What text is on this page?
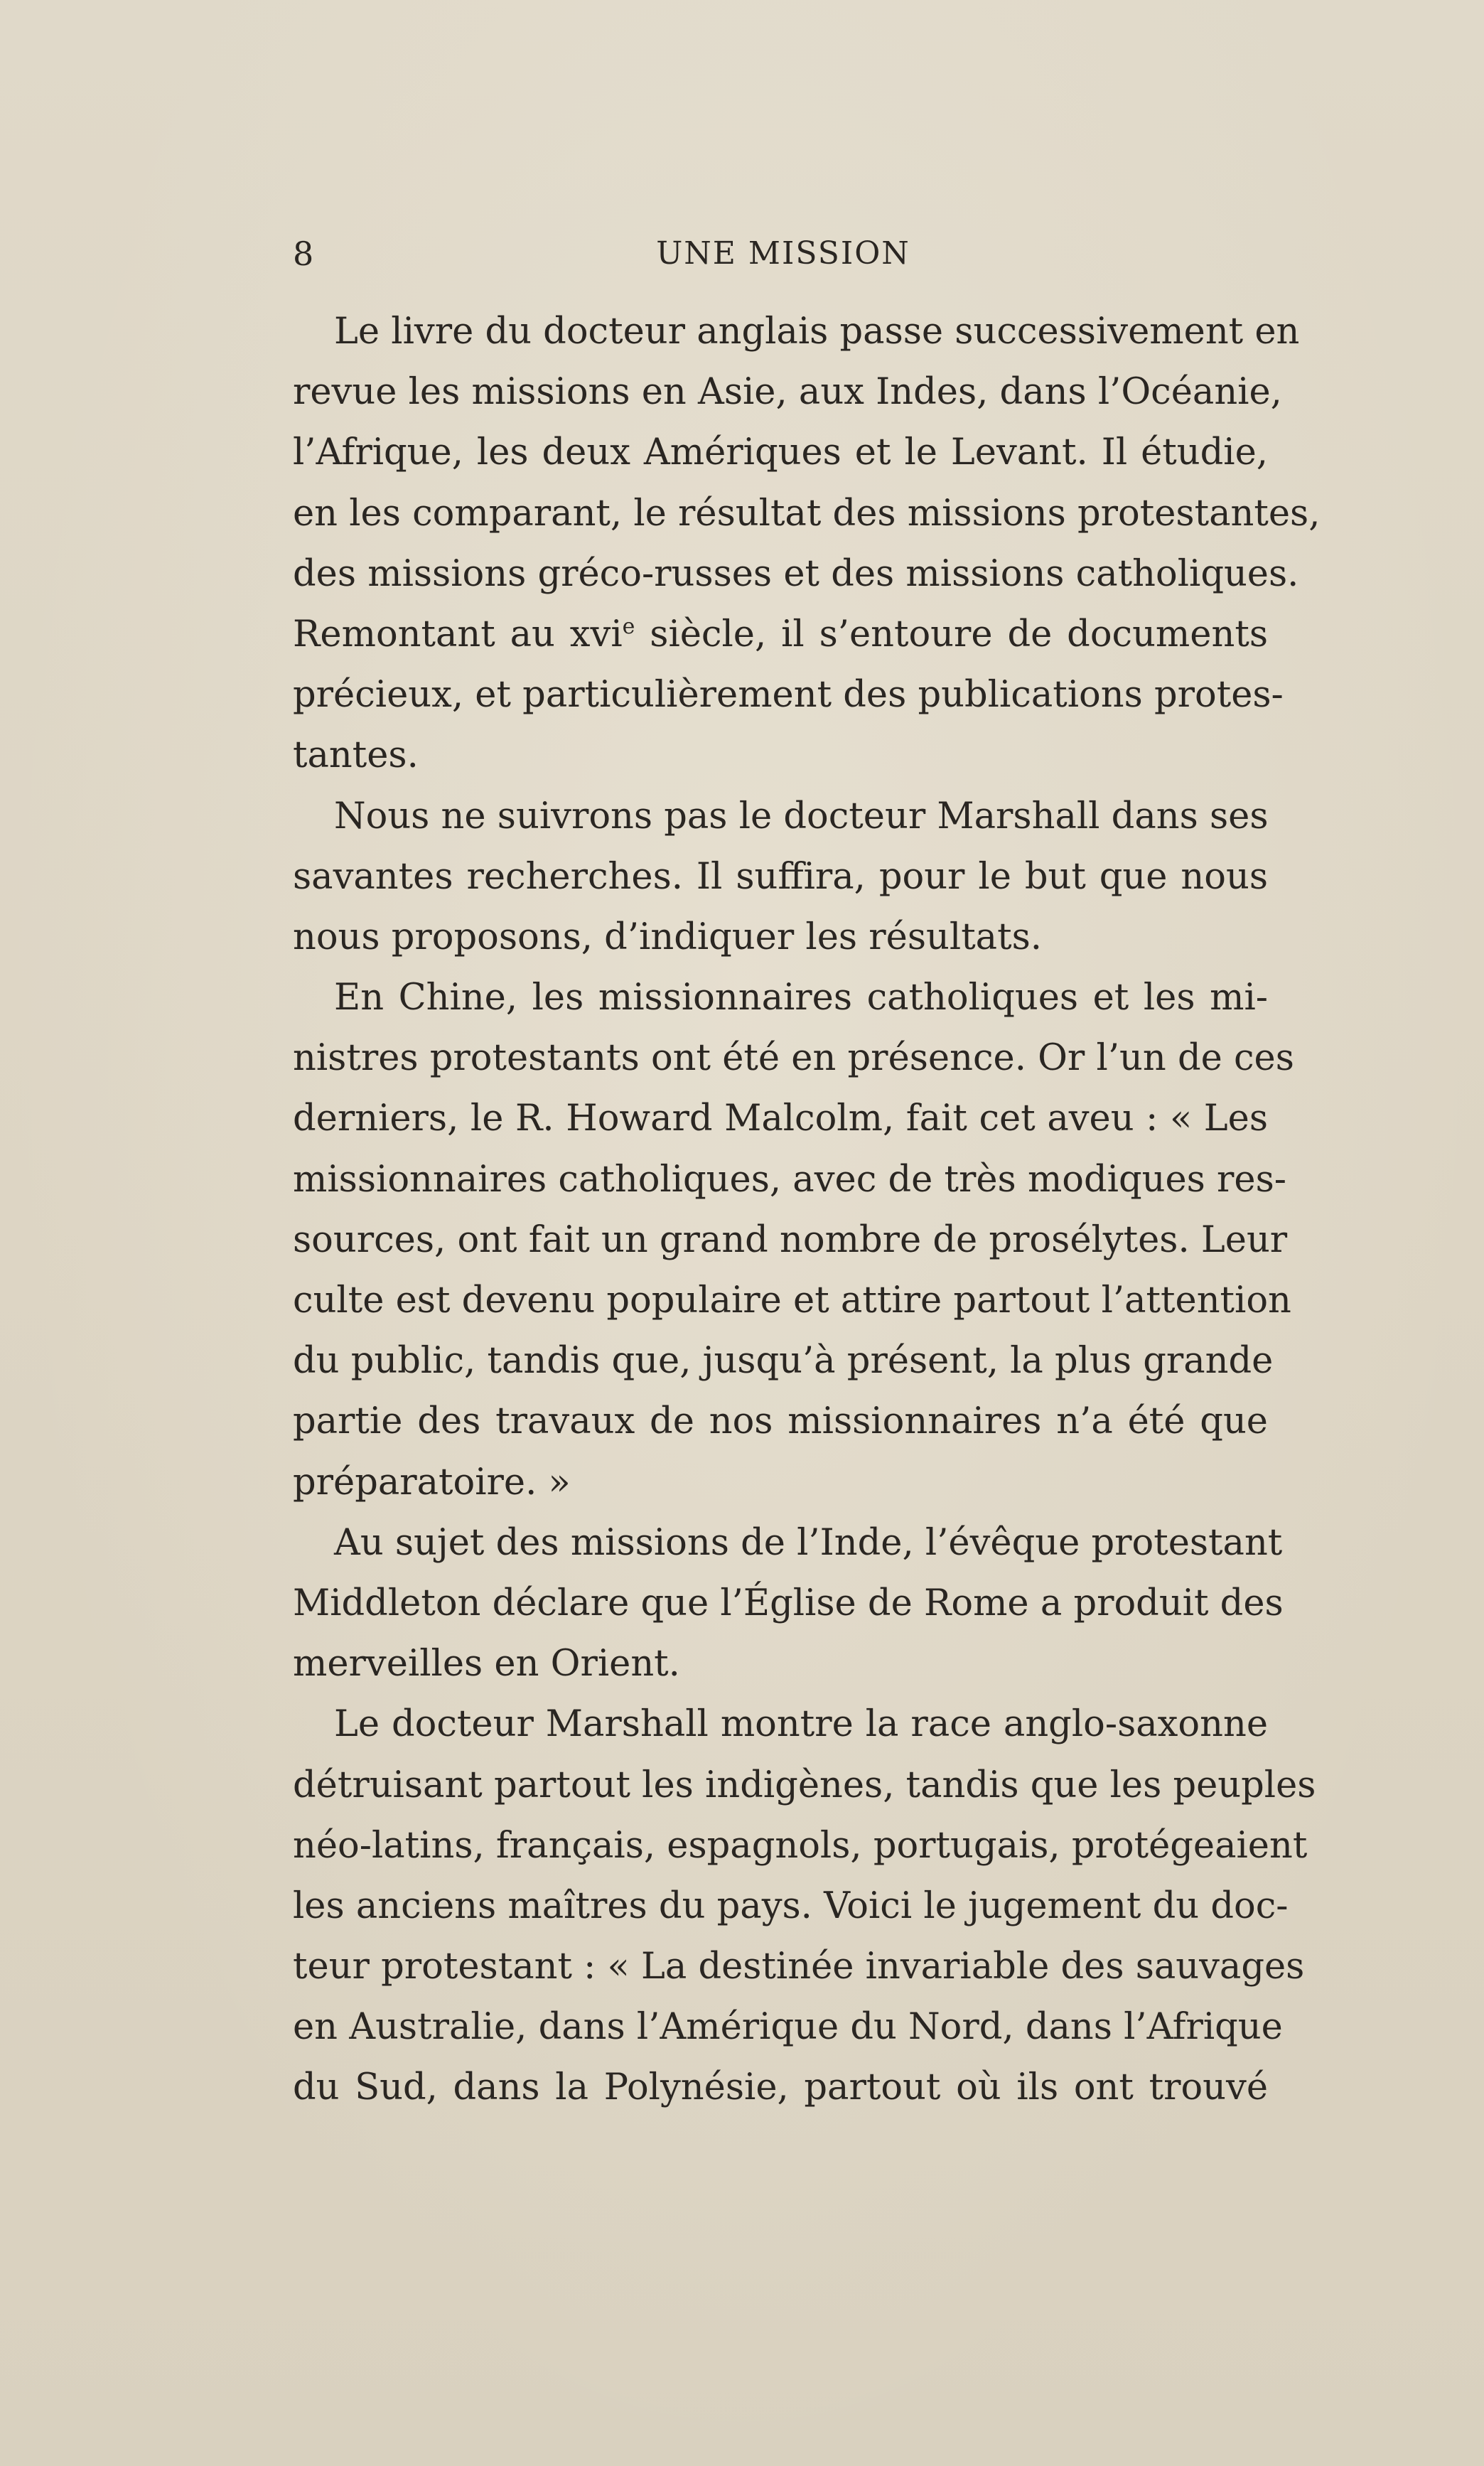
8	UNE MISSION
Le livre du docteur anglais passe successivement en
revue les missions en Asie, aux Indes, dans l’Océanie,
l’Afrique, les deux Amériques et le Levant. Il étudie,
en les comparant, le résultat des missions protestantes,
des missions gréco-russes et des missions catholiques.
Remontant au xvi$^e$ siècle, il s’entoure de documents
précieux, et particulièrement des publications protes-
tantes.
Nous ne suivrons pas le docteur Marshall dans ses
savantes recherches. Il suffira, pour le but que nous
nous proposons, d’indiquer les résultats.
En Chine, les missionnaires catholiques et les mi-
nistres protestants ont été en présence. Or l’un de ces
derniers, le R. Howard Malcolm, fait cet aveu : « Les
missionnaires catholiques, avec de très modiques res-
sources, ont fait un grand nombre de prosélytes. Leur
culte est devenu populaire et attire partout l’attention
du public, tandis que, jusqu’à présent, la plus grande
partie des travaux de nos missionnaires n’a été que
préparatoire. »
Au sujet des missions de l’Inde, l’évêque protestant
Middleton déclare que l’Église de Rome a produit des
merveilles en Orient.
Le docteur Marshall montre la race anglo-saxonne
détruisant partout les indigènes, tandis que les peuples
néo-latins, français, espagnols, portugais, protégeaient
les anciens maîtres du pays. Voici le jugement du doc-
teur protestant : « La destinée invariable des sauvages
en Australie, dans l’Amérique du Nord, dans l’Afrique
du Sud, dans la Polynésie, partout où ils ont trouvé
